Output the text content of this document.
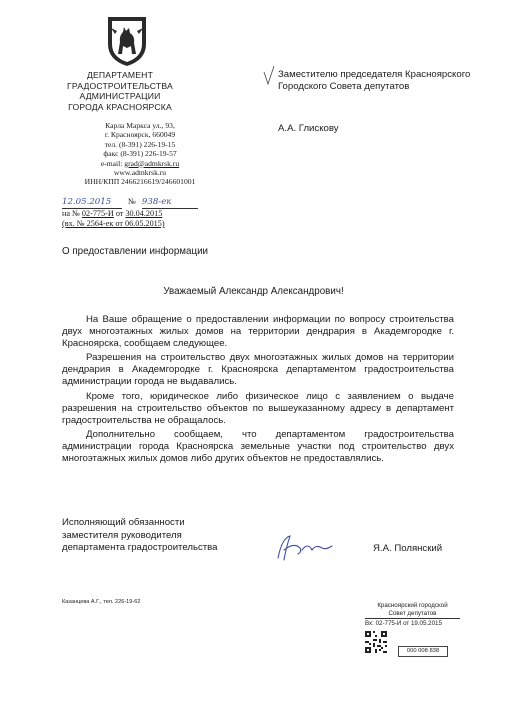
ДЕПАРТАМЕНТ
ГРАДОСТРОИТЕЛЬСТВА
АДМИНИСТРАЦИИ
ГОРОДА КРАСНОЯРСКА
Карла Маркса ул., 93,
г. Красноярск, 660049
тел. (8-391) 226-19-15
факс (8-391) 226-19-57
e-mail: grad@admkrsk.ru
www.admkrsk.ru
ИНН/КПП 2466216619/246601001
12.05.2015 № 938-ек
на № 02-775-И от 30.04.2015
(вх. № 2564-ек от 06.05.2015)
Заместителю председателя Красноярского Городского Совета депутатов
А.А. Глискову
О предоставлении информации
Уважаемый Александр Александрович!

На Ваше обращение о предоставлении информации по вопросу строительства двух многоэтажных жилых домов на территории дендрария в Академгородке г. Красноярска, сообщаем следующее.

Разрешения на строительство двух многоэтажных жилых домов на территории дендрария в Академгородке г. Красноярска департаментом градостроительства администрации города не выдавались.

Кроме того, юридическое либо физическое лицо с заявлением о выдаче разрешения на строительство объектов по вышеуказанному адресу в департамент градостроительства не обращалось.

Дополнительно сообщаем, что департаментом градостроительства администрации города Красноярска земельные участки под строительство двух многоэтажных жилых домов либо других объектов не предоставлялись.

Исполняющий обязанности
заместителя руководителя
департамента градостроительства	Я.А. Полянский
Казанцева А.Г., тел. 226-19-62	Красноярский городской
Совет депутатов
Вх: 02-775-И от 19.05.2015
000 008 838
